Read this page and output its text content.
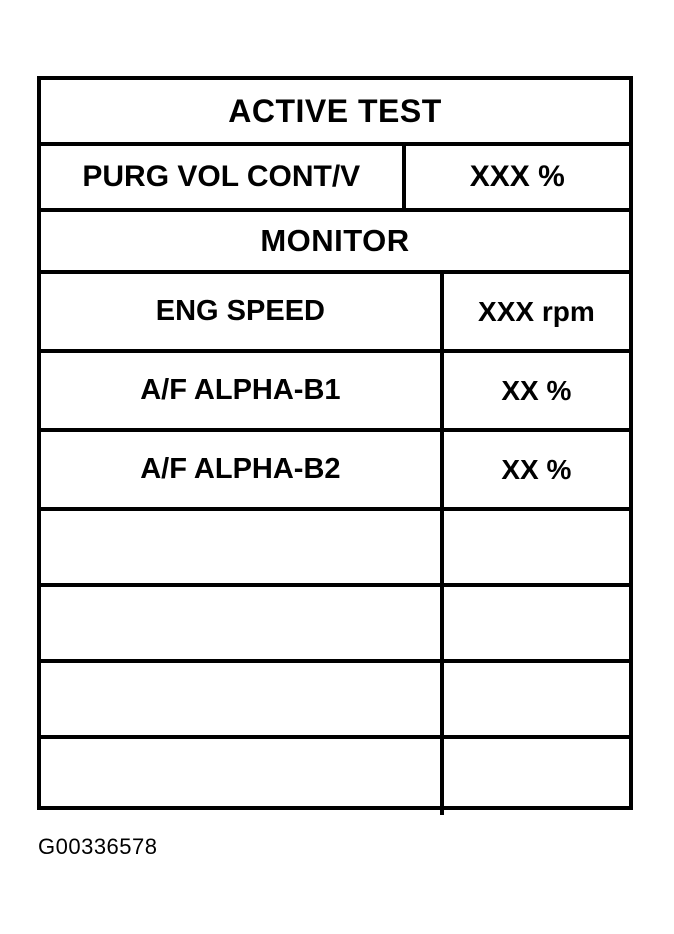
ACTIVE TEST
PURG VOL CONT/V	XXX %
MONITOR
ENG SPEED	XXX rpm
A/F ALPHA-B1	XX %
A/F ALPHA-B2	XX %
G00336578
